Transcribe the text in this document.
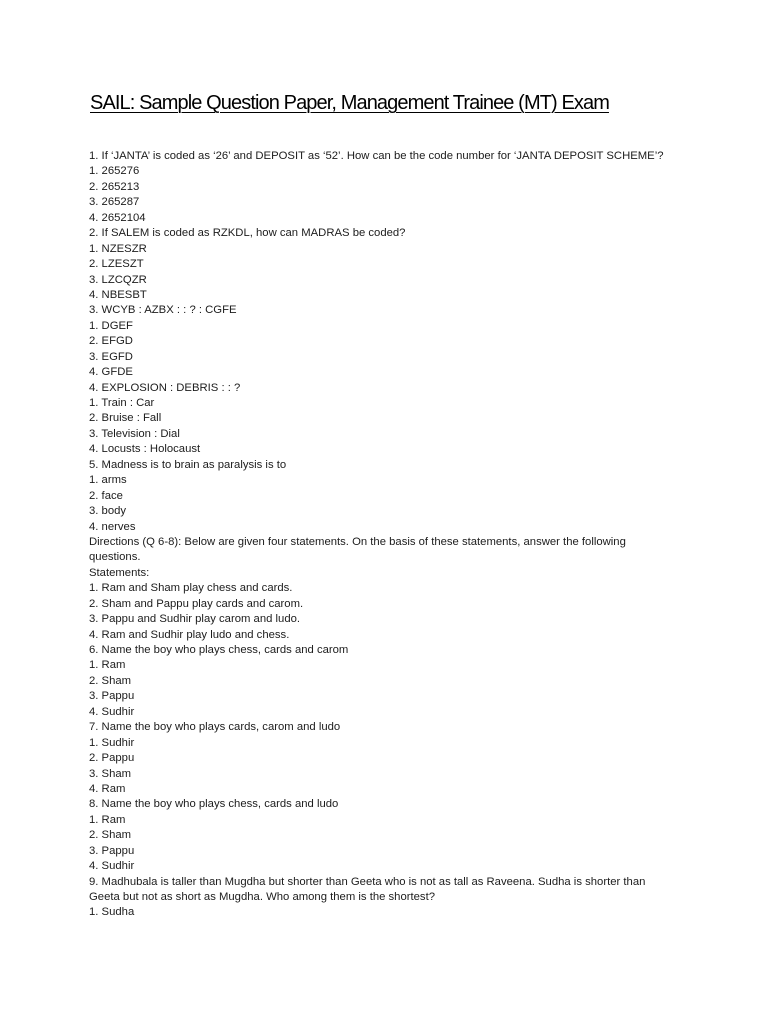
SAIL: Sample Question Paper, Management Trainee (MT) Exam
1. If ‘JANTA’ is coded as ‘26’ and DEPOSIT as ‘52’. How can be the code number for ‘JANTA DEPOSIT SCHEME’?
1. 265276
2. 265213
3. 265287
4. 2652104
2. If SALEM is coded as RZKDL, how can MADRAS be coded?
1. NZESZR
2. LZESZT
3. LZCQZR
4. NBESBT
3. WCYB : AZBX : : ? : CGFE
1. DGEF
2. EFGD
3. EGFD
4. GFDE
4. EXPLOSION : DEBRIS : : ?
1. Train : Car
2. Bruise : Fall
3. Television : Dial
4. Locusts : Holocaust
5. Madness is to brain as paralysis is to
1. arms
2. face
3. body
4. nerves
Directions (Q 6-8): Below are given four statements. On the basis of these statements, answer the following
questions.
Statements:
1. Ram and Sham play chess and cards.
2. Sham and Pappu play cards and carom.
3. Pappu and Sudhir play carom and ludo.
4. Ram and Sudhir play ludo and chess.
6. Name the boy who plays chess, cards and carom
1. Ram
2. Sham
3. Pappu
4. Sudhir
7. Name the boy who plays cards, carom and ludo
1. Sudhir
2. Pappu
3. Sham
4. Ram
8. Name the boy who plays chess, cards and ludo
1. Ram
2. Sham
3. Pappu
4. Sudhir
9. Madhubala is taller than Mugdha but shorter than Geeta who is not as tall as Raveena. Sudha is shorter than
Geeta but not as short as Mugdha. Who among them is the shortest?
1. Sudha
